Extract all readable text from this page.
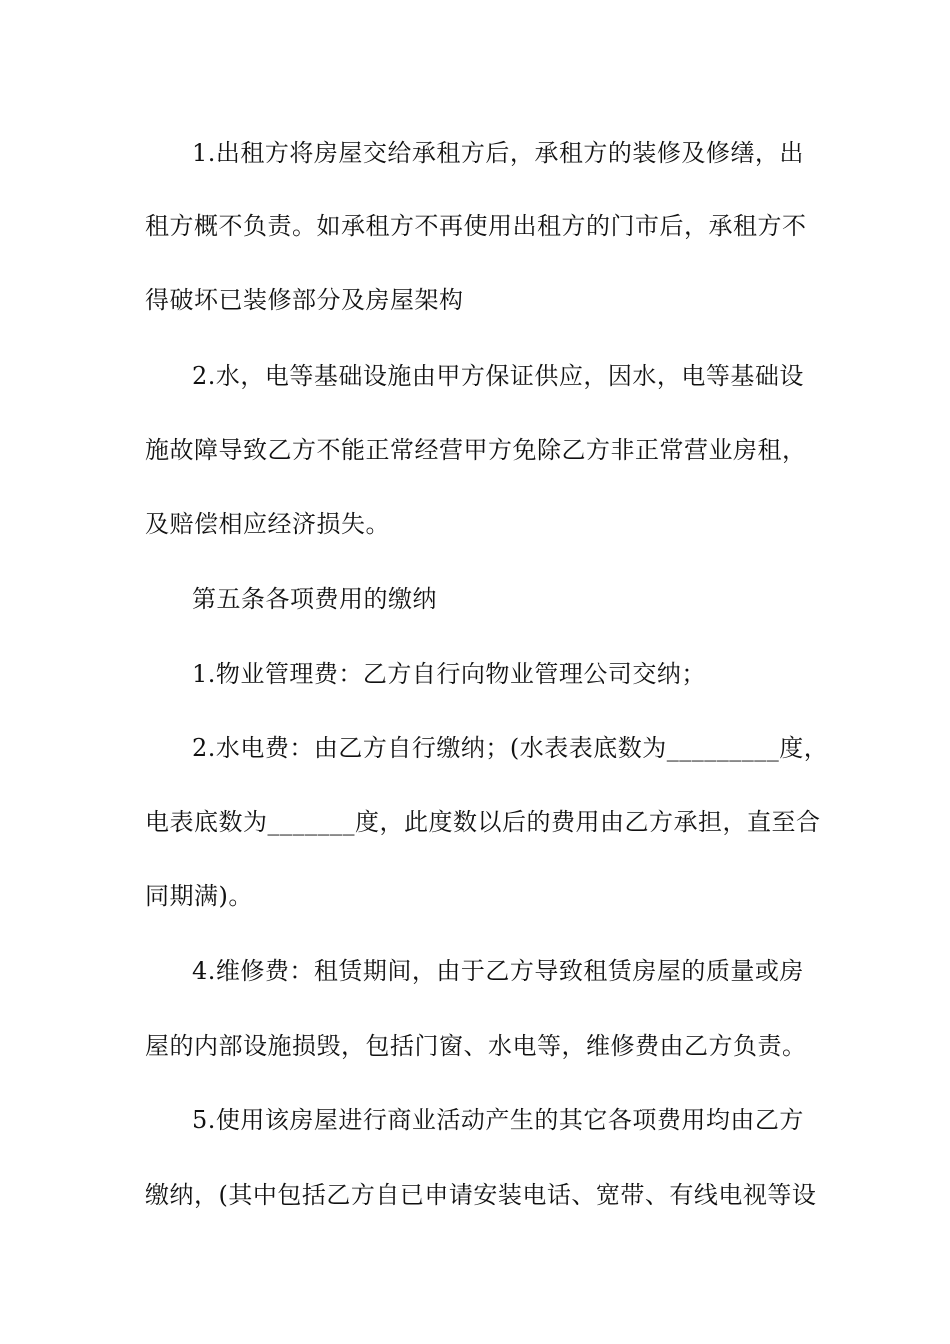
1.出租方将房屋交给承租方后，承租方的装修及修缮，出
租方概不负责。如承租方不再使用出租方的门市后，承租方不
得破坏已装修部分及房屋架构
2.水，电等基础设施由甲方保证供应，因水，电等基础设
施故障导致乙方不能正常经营甲方免除乙方非正常营业房租，
及赔偿相应经济损失。
第五条各项费用的缴纳
1.物业管理费：乙方自行向物业管理公司交纳；
2.水电费：由乙方自行缴纳；(水表表底数为_________度，
电表底数为_______度，此度数以后的费用由乙方承担，直至合
同期满)。
4.维修费：租赁期间，由于乙方导致租赁房屋的质量或房
屋的内部设施损毁，包括门窗、水电等，维修费由乙方负责。
5.使用该房屋进行商业活动产生的其它各项费用均由乙方
缴纳，(其中包括乙方自已申请安装电话、宽带、有线电视等设
